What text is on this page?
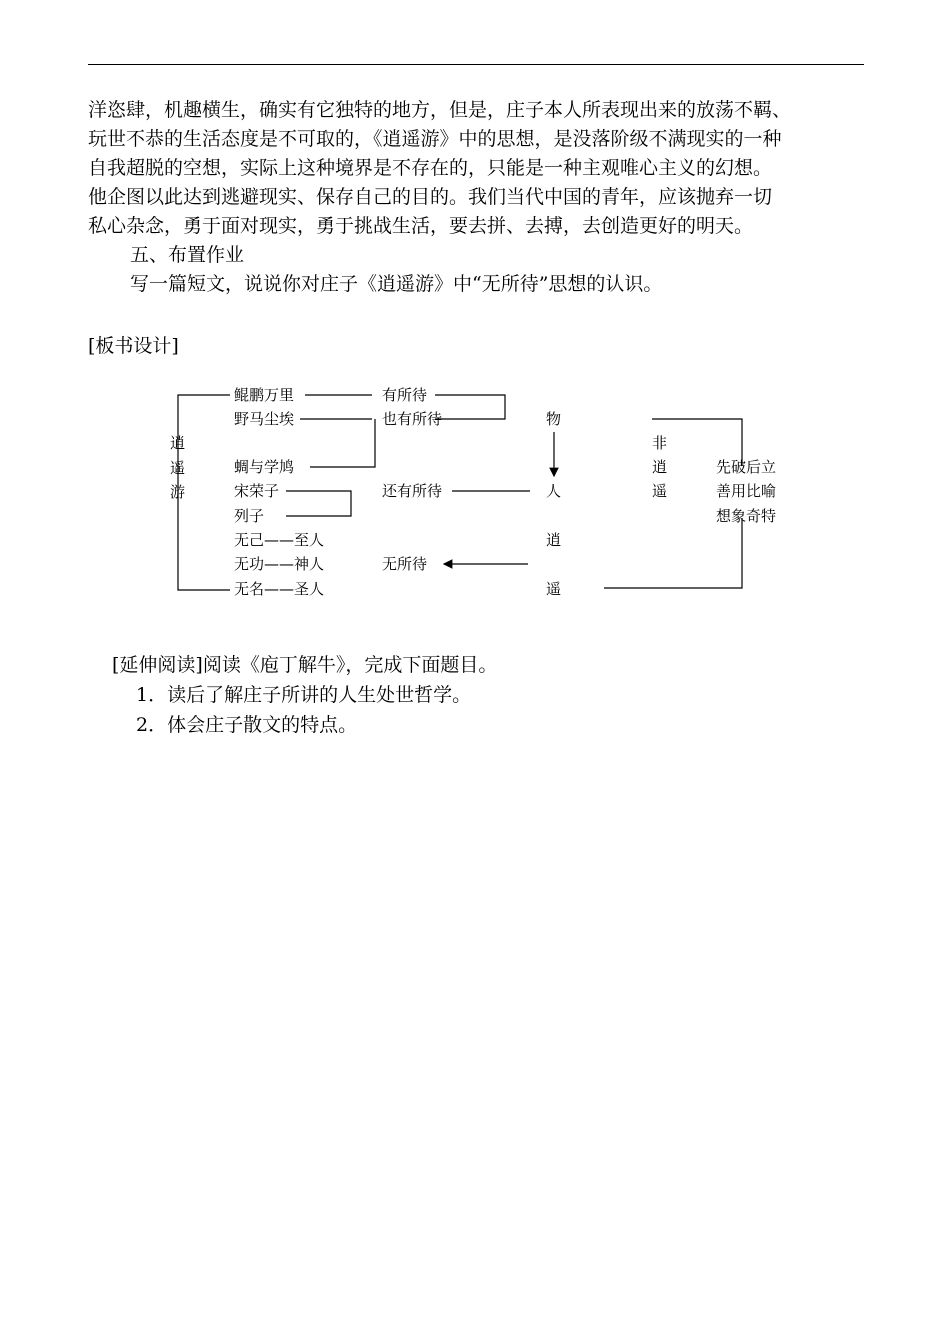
洋恣肆，机趣横生，确实有它独特的地方，但是，庄子本人所表现出来的放荡不羁、

玩世不恭的生活态度是不可取的，《逍遥游》中的思想，是没落阶级不满现实的一种

自我超脱的空想，实际上这种境界是不存在的，只能是一种主观唯心主义的幻想。

他企图以此达到逃避现实、保存自己的目的。我们当代中国的青年，应该抛弃一切

私心杂念，勇于面对现实，勇于挑战生活，要去拼、去搏，去创造更好的明天。

五、布置作业

写一篇短文，说说你对庄子《逍遥游》中“无所待”思想的认识。

[板书设计]
逍
遥
游
鲲鹏万里
野马尘埃
蜩与学鸠
宋荣子
列子
无己——至人
无功——神人
无名——圣人
有所待
也有所待
还有所待
无所待
物
人
逍
遥
非
逍
遥
先破后立
善用比喻
想象奇特
[延伸阅读]阅读《庖丁解牛》，完成下面题目。
1．读后了解庄子所讲的人生处世哲学。
2．体会庄子散文的特点。
